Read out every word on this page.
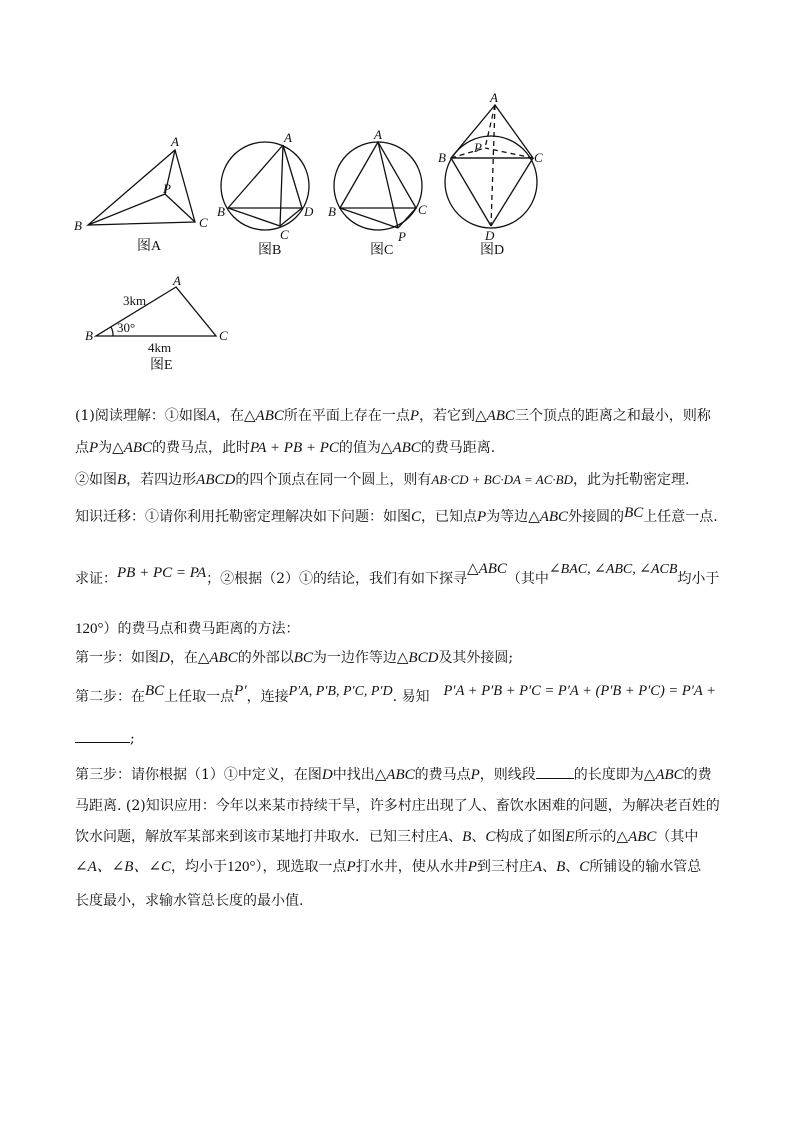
A
B	C
P
图A
A
B
C
D
图B
A
B	C
P
图C
A
B	C
D
P
图D
A
B	C
3km
30°
4km
图E
(1)阅读理解：①如图A，在△ABC所在平面上存在一点P，若它到△ABC三个顶点的距离之和最小，则称
点P为△ABC的费马点，此时PA + PB + PC的值为△ABC的费马距离.
②如图B，若四边形ABCD的四个顶点在同一个圆上，则有AB·CD + BC·DA = AC·BD，此为托勒密定理.
知识迁移：①请你利用托勒密定理解决如下问题：如图C，已知点P为等边△ABC外接圆的BC上任意一点.
求证：PB + PC = PA；②根据（2）①的结论，我们有如下探寻△ABC（其中∠BAC, ∠ABC, ∠ACB均小于
120°）的费马点和费马距离的方法：
第一步：如图D，在△ABC的外部以BC为一边作等边△BCD及其外接圆;
第二步：在BC上任取一点P′，连接P′A, P′B, P′C, P′D. 易知 P′A + P′B + P′C = P′A + (P′B + P′C) = P′A +
;
第三步：请你根据（1）①中定义，在图D中找出△ABC的费马点P，则线段	的长度即为△ABC的费
马距离. (2)知识应用：今年以来某市持续干旱，许多村庄出现了人、畜饮水困难的问题，为解决老百姓的
饮水问题，解放军某部来到该市某地打井取水．已知三村庄A、B、C构成了如图E所示的△ABC（其中
∠A、∠B、∠C，均小于120°），现选取一点P打水井，使从水井P到三村庄A、B、C所铺设的输水管总
长度最小，求输水管总长度的最小值.
